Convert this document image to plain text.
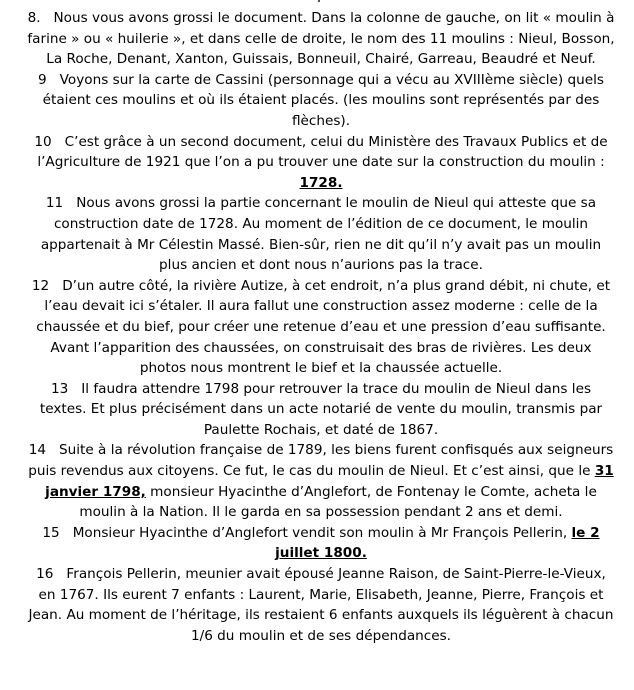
8. Nous vous avons grossi le document. Dans la colonne de gauche, on lit « moulin à farine » ou « huilerie », et dans celle de droite, le nom des 11 moulins : Nieul, Bosson, La Roche, Denant, Xanton, Guissais, Bonneuil, Chairé, Garreau, Beaudré et Neuf.

9 Voyons sur la carte de Cassini (personnage qui a vécu au XVIIIème siècle) quels étaient ces moulins et où ils étaient placés. (les moulins sont représentés par des flèches).

10 C’est grâce à un second document, celui du Ministère des Travaux Publics et de l’Agriculture de 1921 que l’on a pu trouver une date sur la construction du moulin : 1728.

11 Nous avons grossi la partie concernant le moulin de Nieul qui atteste que sa construction date de 1728. Au moment de l’édition de ce document, le moulin appartenait à Mr Célestin Massé. Bien-sûr, rien ne dit qu’il n’y avait pas un moulin plus ancien et dont nous n’aurions pas la trace.

12 D’un autre côté, la rivière Autize, à cet endroit, n’a plus grand débit, ni chute, et l’eau devait ici s’étaler. Il aura fallut une construction assez moderne : celle de la chaussée et du bief, pour créer une retenue d’eau et une pression d’eau suffisante. Avant l’apparition des chaussées, on construisait des bras de rivières. Les deux photos nous montrent le bief et la chaussée actuelle.

13 Il faudra attendre 1798 pour retrouver la trace du moulin de Nieul dans les textes. Et plus précisément dans un acte notarié de vente du moulin, transmis par Paulette Rochais, et daté de 1867.

14 Suite à la révolution française de 1789, les biens furent confisqués aux seigneurs puis revendus aux citoyens. Ce fut, le cas du moulin de Nieul. Et c’est ainsi, que le 31 janvier 1798, monsieur Hyacinthe d’Anglefort, de Fontenay le Comte, acheta le moulin à la Nation. Il le garda en sa possession pendant 2 ans et demi.

15 Monsieur Hyacinthe d’Anglefort vendit son moulin à Mr François Pellerin, le 2 juillet 1800.

16 François Pellerin, meunier avait épousé Jeanne Raison, de Saint-Pierre-le-Vieux, en 1767. Ils eurent 7 enfants : Laurent, Marie, Elisabeth, Jeanne, Pierre, François et Jean. Au moment de l’héritage, ils restaient 6 enfants auxquels ils léguèrent à chacun 1/6 du moulin et de ses dépendances.
